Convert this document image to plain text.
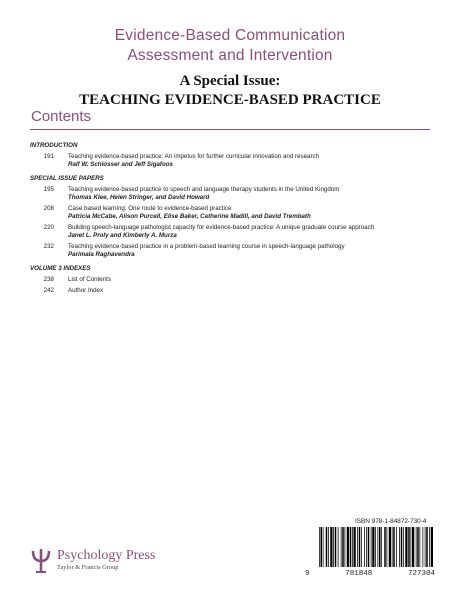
Evidence-Based Communication
Assessment and Intervention
A Special Issue:
TEACHING EVIDENCE-BASED PRACTICE
Contents
INTRODUCTION
191	Teaching evidence-based practice: An impetus for further curricular innovation and research
Ralf W. Schlosser and Jeff Sigafoos
SPECIAL ISSUE PAPERS
195	Teaching evidence-based practice to speech and language therapy students in the United Kingdom
Thomas Klee, Helen Stringer, and David Howard
208	Case based learning: One route to evidence-based practice
Patricia McCabe, Alison Purcell, Elise Baker, Catherine Madill, and David Trembath
220	Building speech-language pathologist capacity for evidence-based practice: A unique graduate course approach
Janet L. Proly and Kimberly A. Murza
232	Teaching evidence-based practice in a problem-based learning course in speech-language pathology
Parimala Raghavendra
VOLUME 3 INDEXES
238	List of Contents
242	Author Index
ISBN 978-1-84872-730-4
9	781848	727304
Psychology Press
Taylor & Francis Group
